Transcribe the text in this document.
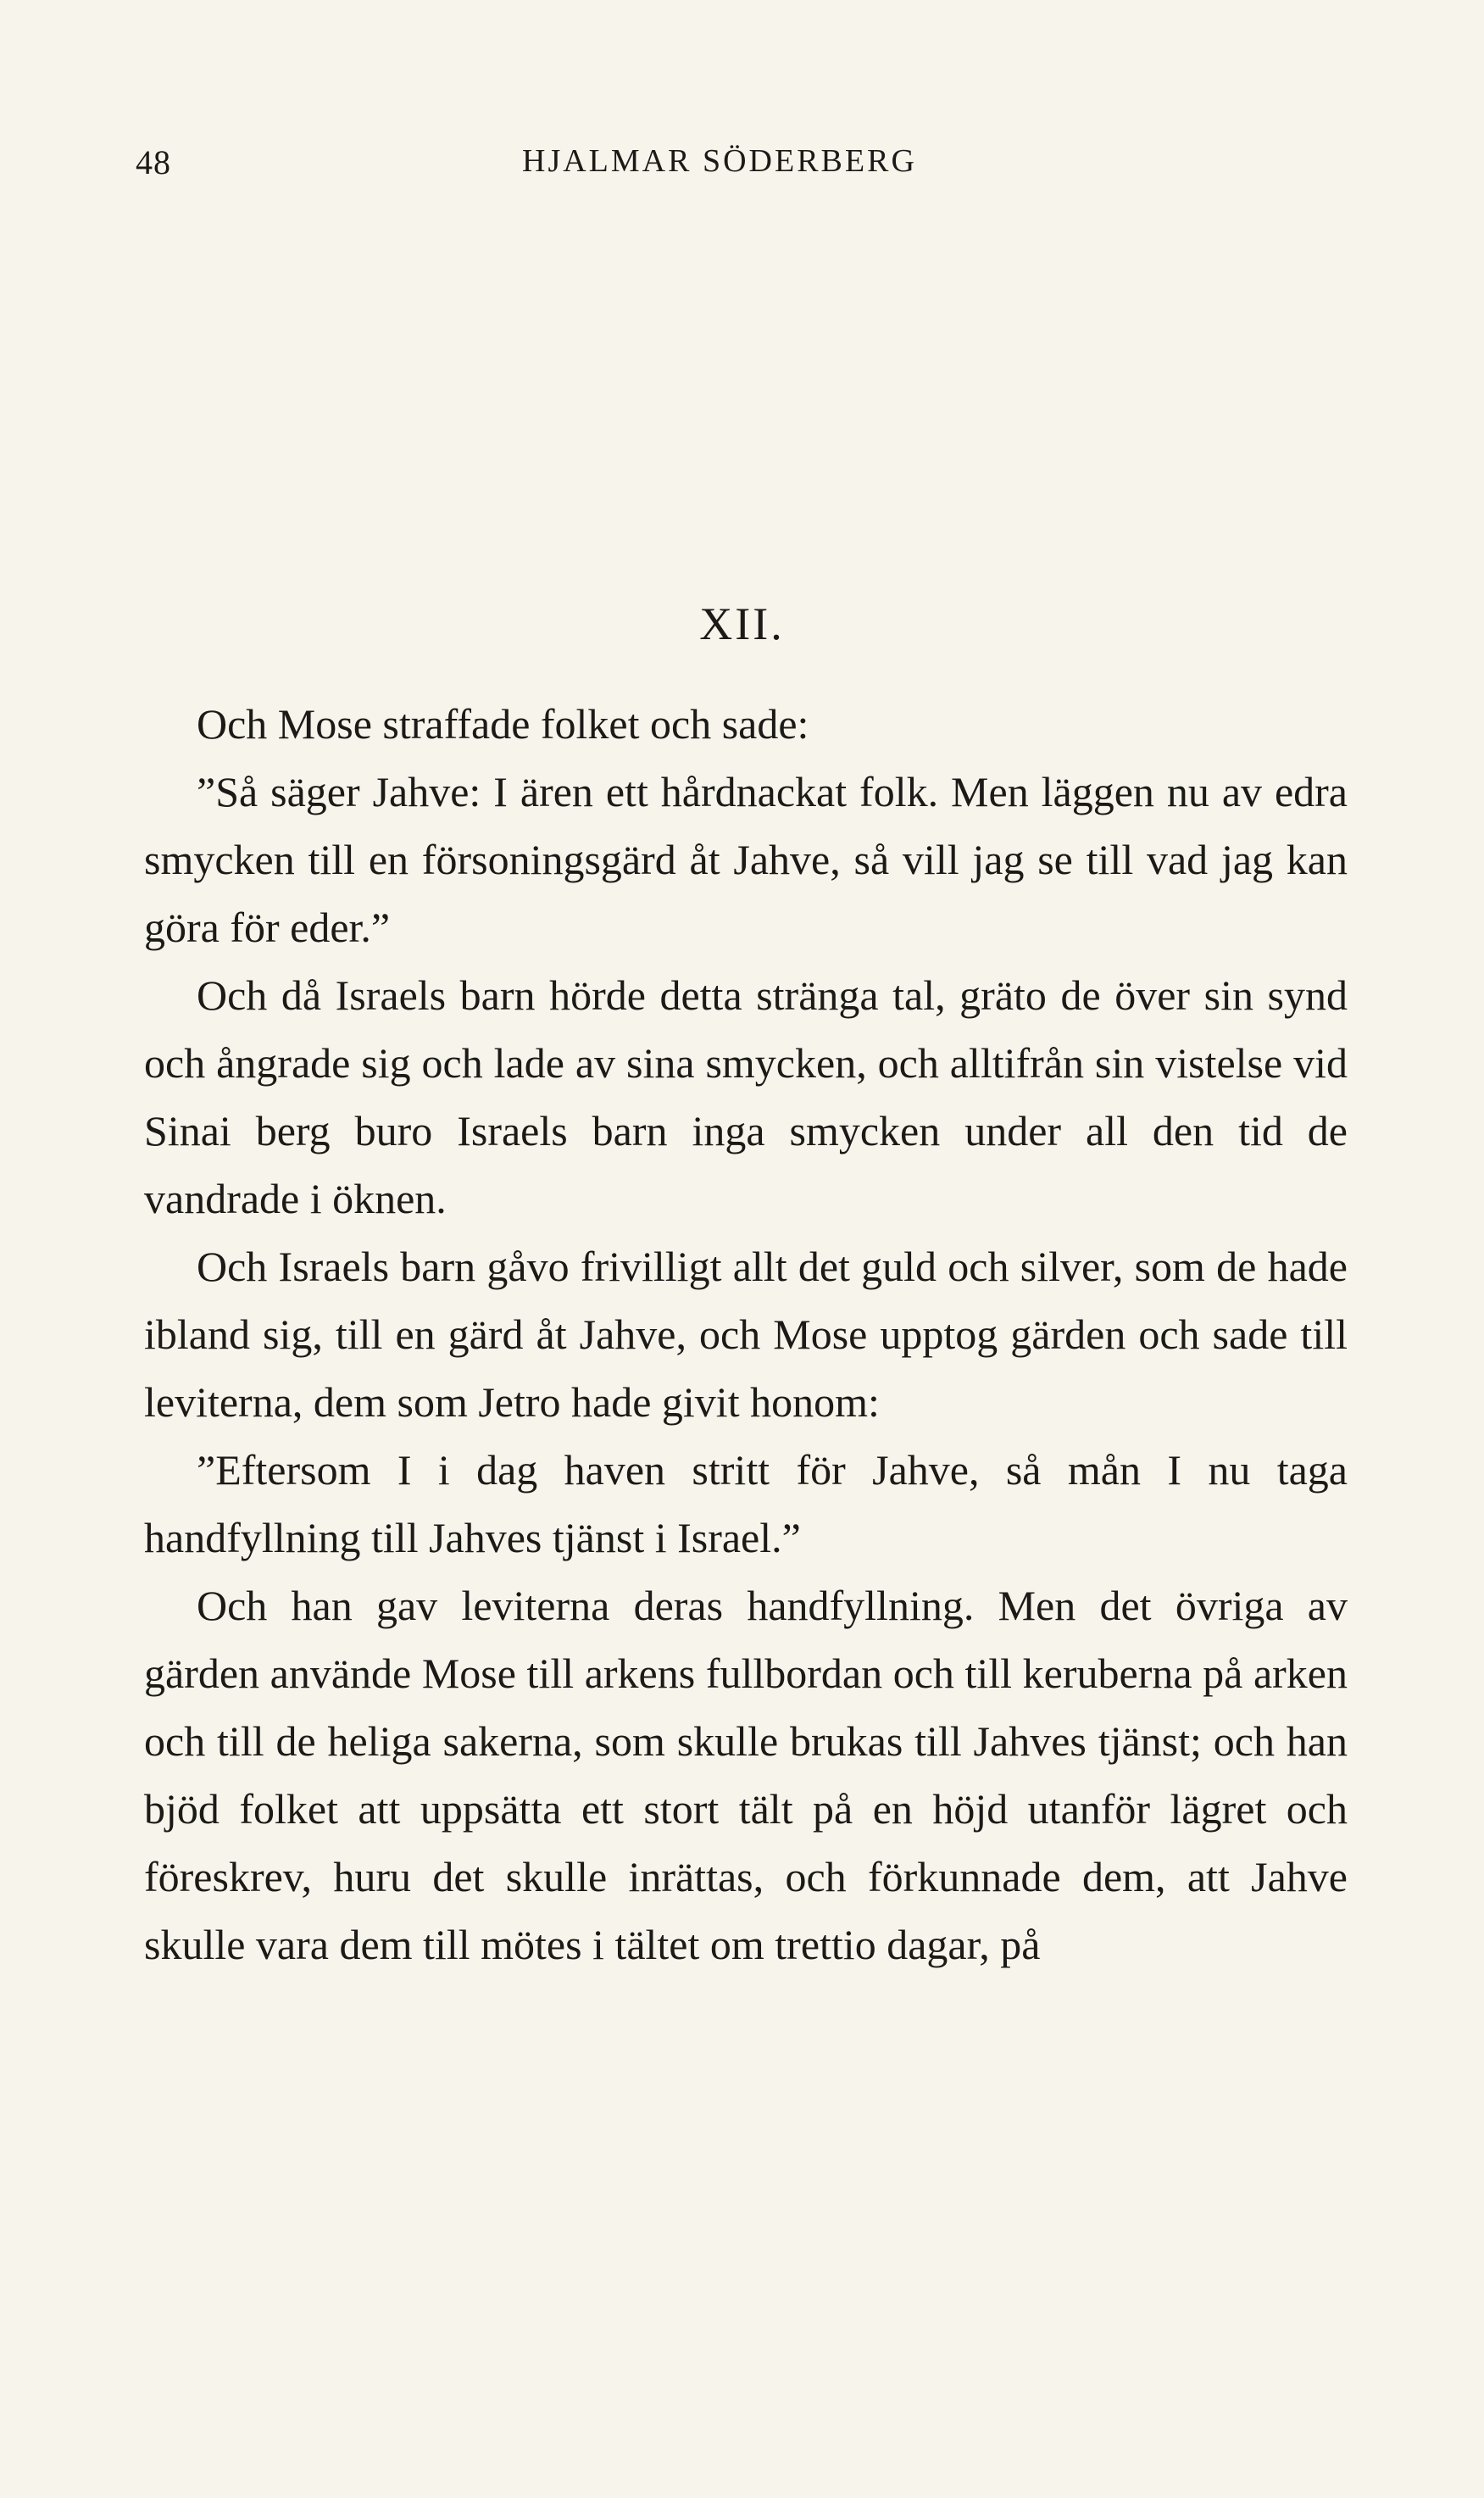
48	HJALMAR SÖDERBERG
XII.

Och Mose straffade folket och sade:

”Så säger Jahve: I ären ett hårdnackat folk. Men läggen nu av edra smycken till en försoningsgärd åt Jahve, så vill jag se till vad jag kan göra för eder.”

Och då Israels barn hörde detta stränga tal, gräto de över sin synd och ångrade sig och lade av sina smycken, och alltifrån sin vistelse vid Sinai berg buro Israels barn inga smycken under all den tid de vandrade i öknen.

Och Israels barn gåvo frivilligt allt det guld och silver, som de hade ibland sig, till en gärd åt Jahve, och Mose upptog gärden och sade till leviterna, dem som Jetro hade givit honom:

”Eftersom I i dag haven stritt för Jahve, så mån I nu taga handfyllning till Jahves tjänst i Israel.”

Och han gav leviterna deras handfyllning. Men det övriga av gärden använde Mose till arkens fullbordan och till keruberna på arken och till de heliga sakerna, som skulle brukas till Jahves tjänst; och han bjöd folket att uppsätta ett stort tält på en höjd utanför lägret och föreskrev, huru det skulle inrättas, och förkunnade dem, att Jahve skulle vara dem till mötes i tältet om trettio dagar, på
